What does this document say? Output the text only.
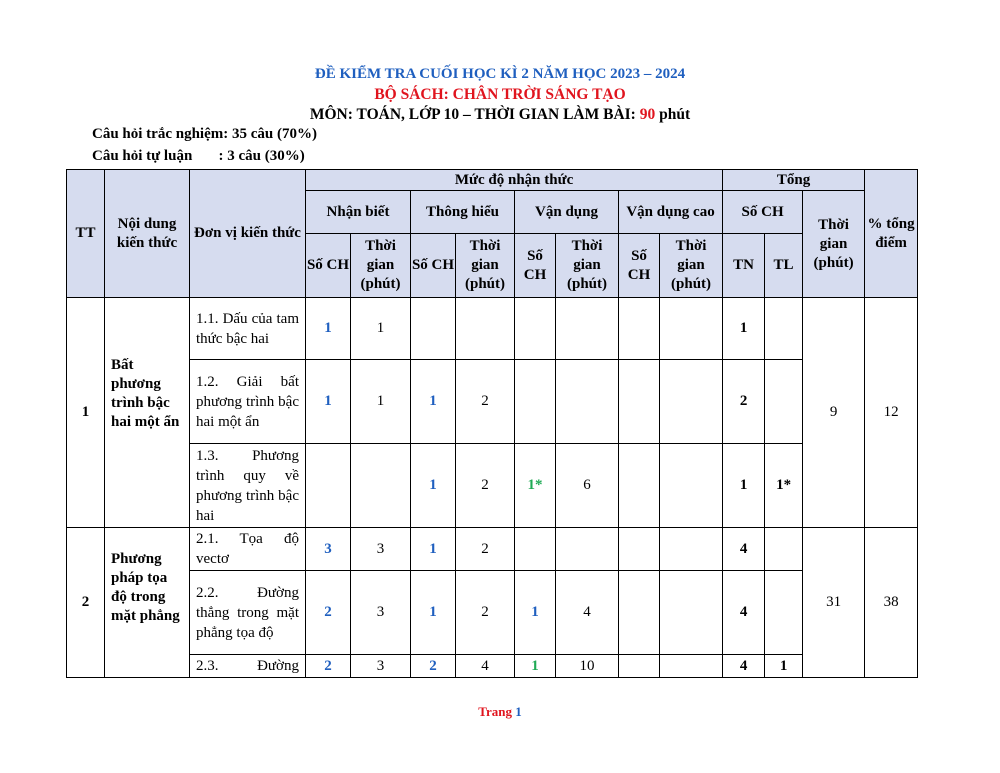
ĐỀ KIỂM TRA CUỐI HỌC KÌ 2 NĂM HỌC 2023 – 2024
BỘ SÁCH: CHÂN TRỜI SÁNG TẠO
MÔN: TOÁN, LỚP 10 – THỜI GIAN LÀM BÀI: 90 phút
Câu hỏi trắc nghiệm: 35 câu (70%)
Câu hỏi tự luận       : 3 câu (30%)
TT	Nội dung kiến thức	Đơn vị kiến thức	Mức độ nhận thức								Tổng			% tổng điểm
			Nhận biết		Thông hiểu		Vận dụng		Vận dụng cao		Số CH		Thời gian (phút)	
			Số CH	Thời gian (phút)	Số CH	Thời gian (phút)	Số CH	Thời gian (phút)	Số CH	Thời gian (phút)	TN	TL		
1	Bất phương trình bậc hai một ẩn	1.1. Dấu của tam thức bậc hai	1	1							1		9	12
		1.2. Giải bất phương trình bậc hai một ẩn	1	1	1	2					2			
		1.3. Phương trình quy về phương trình bậc hai			1	2	1*	6			1	1*		
2	Phương pháp tọa độ trong mặt phẳng	2.1. Tọa độ vectơ	3	3	1	2					4		31	38
		2.2. Đường thẳng trong mặt phẳng tọa độ	2	3	1	2	1	4			4			
		2.3. Đường	2	3	2	4	1	10			4	1		
Trang 1
